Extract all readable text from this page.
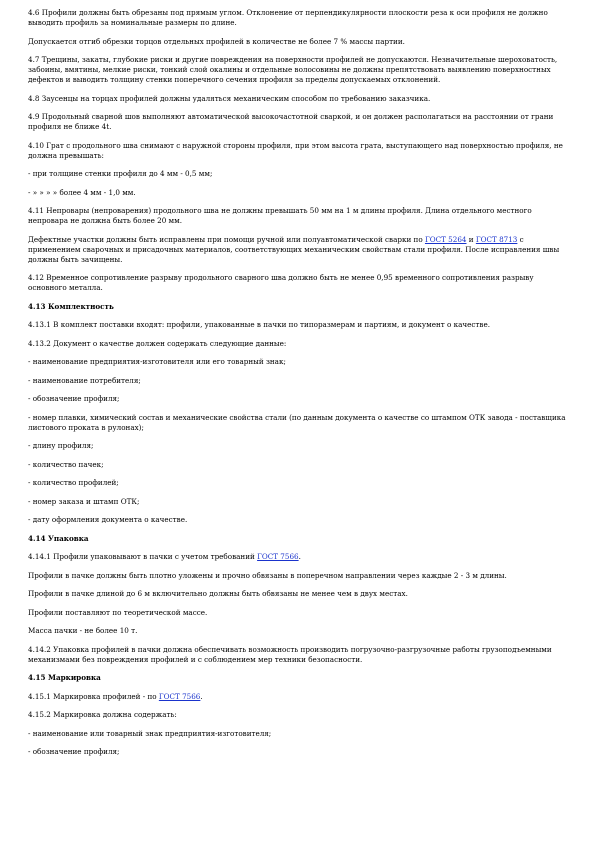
4.6 Профили должны быть обрезаны под прямым углом. Отклонение от перпендикулярности плоскости реза к оси профиля не должно выводить профиль за номинальные размеры по длине.

Допускается отгиб обрезки торцов отдельных профилей в количестве не более 7 % массы партии.

4.7 Трещины, закаты, глубокие риски и другие повреждения на поверхности профилей не допускаются. Незначительные шероховатость, забоины, вмятины, мелкие риски, тонкий слой окалины и отдельные волосовины не должны препятствовать выявлению поверхностных дефектов и выводить толщину стенки поперечного сечения профиля за пределы допускаемых отклонений.

4.8 Заусенцы на торцах профилей должны удаляться механическим способом по требованию заказчика.

4.9 Продольный сварной шов выполняют автоматической высокочастотной сваркой, и он должен располагаться на расстоянии от грани профиля не ближе 4t.

4.10 Грат с продольного шва снимают с наружной стороны профиля, при этом высота грата, выступающего над поверхностью профиля, не должна превышать:

- при толщине стенки профиля до 4 мм - 0,5 мм;

- » » » » более 4 мм - 1,0 мм.

4.11 Непровары (непроварения) продольного шва не должны превышать 50 мм на 1 м длины профиля. Длина отдельного местного непровара не должна быть более 20 мм.

Дефектные участки должны быть исправлены при помощи ручной или полуавтоматической сварки по ГОСТ 5264 и ГОСТ 8713 с применением сварочных и присадочных материалов, соответствующих механическим свойствам стали профиля. После исправления швы должны быть зачищены.

4.12 Временное сопротивление разрыву продольного сварного шва должно быть не менее 0,95 временного сопротивления разрыву основного металла.

4.13 Комплектность

4.13.1 В комплект поставки входят: профили, упакованные в пачки по типоразмерам и партиям, и документ о качестве.

4.13.2 Документ о качестве должен содержать следующие данные:

- наименование предприятия-изготовителя или его товарный знак;

- наименование потребителя;

- обозначение профиля;

- номер плавки, химический состав и механические свойства стали (по данным документа о качестве со штампом ОТК завода - поставщика листового проката в рулонах);

- длину профиля;

- количество пачек;

- количество профилей;

- номер заказа и штамп ОТК;

- дату оформления документа о качестве.

4.14 Упаковка

4.14.1 Профили упаковывают в пачки с учетом требований ГОСТ 7566.

Профили в пачке должны быть плотно уложены и прочно обвязаны в поперечном направлении через каждые 2 - 3 м длины.

Профили в пачке длиной до 6 м включительно должны быть обвязаны не менее чем в двух местах.

Профили поставляют по теоретической массе.

Масса пачки - не более 10 т.

4.14.2 Упаковка профилей в пачки должна обеспечивать возможность производить погрузочно-разгрузочные работы грузоподъемными механизмами без повреждения профилей и с соблюдением мер техники безопасности.

4.15 Маркировка

4.15.1 Маркировка профилей - по ГОСТ 7566.

4.15.2 Маркировка должна содержать:

- наименование или товарный знак предприятия-изготовителя;

- обозначение профиля;
